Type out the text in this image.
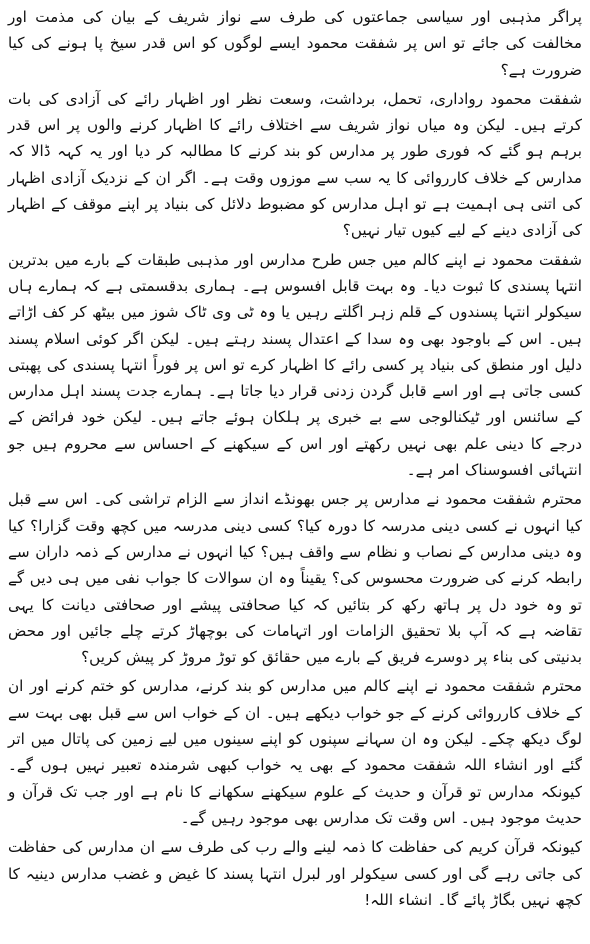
پراگر مذہبی اور سیاسی جماعتوں کی طرف سے نواز شریف کے بیان کی مذمت اور مخالفت کی جائے تو اس پر شفقت محمود ایسے لوگوں کو اس قدر سیخ پا ہونے کی کیا ضرورت ہے؟

شفقت محمود رواداری، تحمل، برداشت، وسعت نظر اور اظہار رائے کی آزادی کی بات کرتے ہیں۔ لیکن وہ میاں نواز شریف سے اختلاف رائے کا اظہار کرنے والوں پر اس قدر برہم ہو گئے کہ فوری طور پر مدارس کو بند کرنے کا مطالبہ کر دیا اور یہ کہہ ڈالا کہ مدارس کے خلاف کارروائی کا یہ سب سے موزوں وقت ہے۔ اگر ان کے نزدیک آزادی اظہار کی اتنی ہی اہمیت ہے تو اہل مدارس کو مضبوط دلائل کی بنیاد پر اپنے موقف کے اظہار کی آزادی دینے کے لیے کیوں تیار نہیں؟

شفقت محمود نے اپنے کالم میں جس طرح مدارس اور مذہبی طبقات کے بارے میں بدترین انتہا پسندی کا ثبوت دیا۔ وہ بہت قابل افسوس ہے۔ ہماری بدقسمتی ہے کہ ہمارے ہاں سیکولر انتہا پسندوں کے قلم زہر اگلتے رہیں یا وہ ٹی وی ٹاک شوز میں بیٹھ کر کف اڑاتے ہیں۔ اس کے باوجود بھی وہ سدا کے اعتدال پسند رہتے ہیں۔ لیکن اگر کوئی اسلام پسند دلیل اور منطق کی بنیاد پر کسی رائے کا اظہار کرے تو اس پر فوراً انتہا پسندی کی پھبتی کسی جاتی ہے اور اسے قابل گردن زدنی قرار دیا جاتا ہے۔ ہمارے جدت پسند اہل مدارس کے سائنس اور ٹیکنالوجی سے بے خبری پر ہلکان ہوئے جاتے ہیں۔ لیکن خود فرائض کے درجے کا دینی علم بھی نہیں رکھتے اور اس کے سیکھنے کے احساس سے محروم ہیں جو انتہائی افسوسناک امر ہے۔

محترم شفقت محمود نے مدارس پر جس بھونڈے انداز سے الزام تراشی کی۔ اس سے قبل کیا انہوں نے کسی دینی مدرسہ کا دورہ کیا؟ کسی دینی مدرسہ میں کچھ وقت گزارا؟ کیا وہ دینی مدارس کے نصاب و نظام سے واقف ہیں؟ کیا انہوں نے مدارس کے ذمہ داران سے رابطہ کرنے کی ضرورت محسوس کی؟ یقیناً وہ ان سوالات کا جواب نفی میں ہی دیں گے تو وہ خود دل پر ہاتھ رکھ کر بتائیں کہ کیا صحافتی پیشے اور صحافتی دیانت کا یہی تقاضہ ہے کہ آپ بلا تحقیق الزامات اور اتہامات کی بوچھاڑ کرتے چلے جائیں اور محض بدنیتی کی بناء پر دوسرے فریق کے بارے میں حقائق کو توڑ مروڑ کر پیش کریں؟

محترم شفقت محمود نے اپنے کالم میں مدارس کو بند کرنے، مدارس کو ختم کرنے اور ان کے خلاف کارروائی کرنے کے جو خواب دیکھے ہیں۔ ان کے خواب اس سے قبل بھی بہت سے لوگ دیکھ چکے۔ لیکن وہ ان سہانے سپنوں کو اپنے سینوں میں لیے زمین کی پاتال میں اتر گئے اور انشاء اللہ شفقت محمود کے بھی یہ خواب کبھی شرمندہ تعبیر نہیں ہوں گے۔ کیونکہ مدارس تو قرآن و حدیث کے علوم سیکھنے سکھانے کا نام ہے اور جب تک قرآن و حدیث موجود ہیں۔ اس وقت تک مدارس بھی موجود رہیں گے۔

کیونکہ قرآن کریم کی حفاظت کا ذمہ لینے والے رب کی طرف سے ان مدارس کی حفاظت کی جاتی رہے گی اور کسی سیکولر اور لبرل انتہا پسند کا غیض و غضب مدارس دینیہ کا کچھ نہیں بگاڑ پائے گا۔ انشاء اللہ!
